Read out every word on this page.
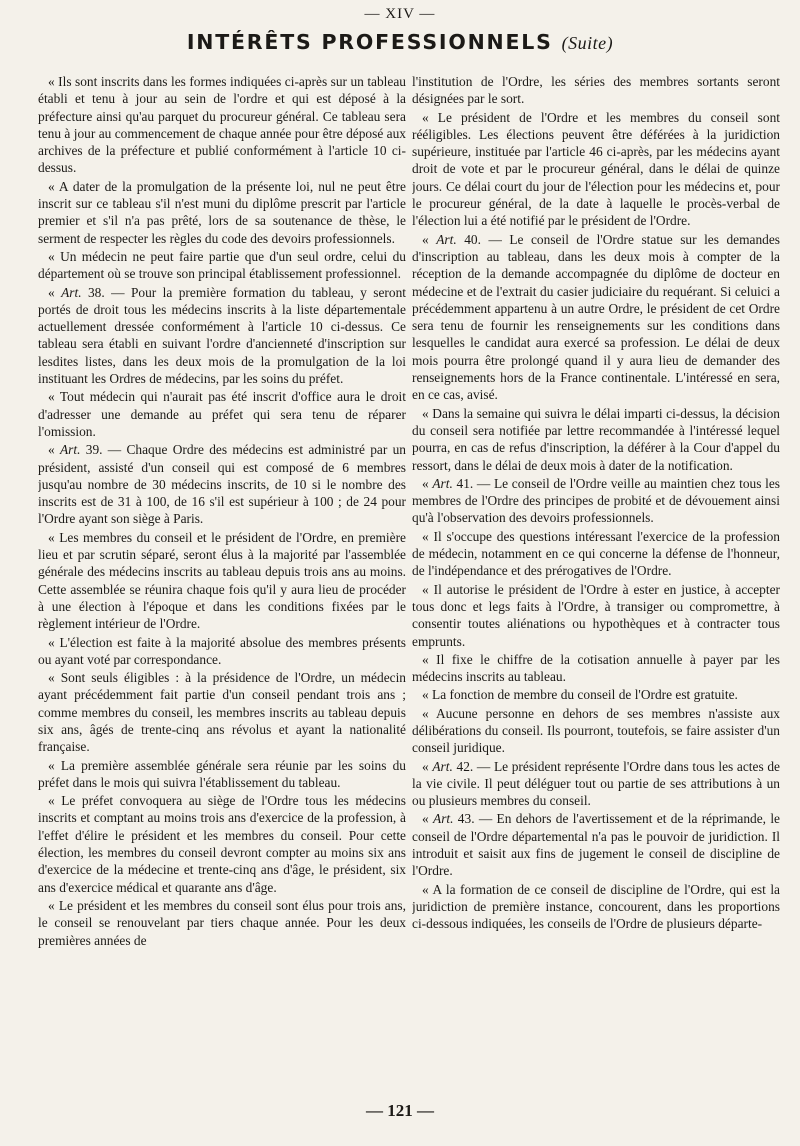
— XIV —
INTÉRÊTS PROFESSIONNELS (Suite)

« Ils sont inscrits dans les formes indiquées ci-après sur un tableau établi et tenu à jour au sein de l'ordre et qui est déposé à la préfecture ainsi qu'au parquet du procureur général. Ce tableau sera tenu à jour au commencement de chaque année pour être déposé aux archives de la préfecture et publié conformément à l'article 10 ci-dessus.

« A dater de la promulgation de la présente loi, nul ne peut être inscrit sur ce tableau s'il n'est muni du diplôme prescrit par l'article premier et s'il n'a pas prêté, lors de sa soutenance de thèse, le serment de respecter les règles du code des devoirs professionnels.

« Un médecin ne peut faire partie que d'un seul ordre, celui du département où se trouve son principal établissement professionnel.

« Art. 38. — Pour la première formation du tableau, y seront portés de droit tous les médecins inscrits à la liste départementale actuellement dressée conformément à l'article 10 ci-dessus. Ce tableau sera établi en suivant l'ordre d'ancienneté d'inscription sur lesdites listes, dans les deux mois de la promulgation de la loi instituant les Ordres de médecins, par les soins du préfet.

« Tout médecin qui n'aurait pas été inscrit d'office aura le droit d'adresser une demande au préfet qui sera tenu de réparer l'omission.

« Art. 39. — Chaque Ordre des médecins est administré par un président, assisté d'un conseil qui est composé de 6 membres jusqu'au nombre de 30 médecins inscrits, de 10 si le nombre des inscrits est de 31 à 100, de 16 s'il est supérieur à 100 ; de 24 pour l'Ordre ayant son siège à Paris.

« Les membres du conseil et le président de l'Ordre, en première lieu et par scrutin séparé, seront élus à la majorité par l'assemblée générale des médecins inscrits au tableau depuis trois ans au moins. Cette assemblée se réunira chaque fois qu'il y aura lieu de procéder à une élection à l'époque et dans les conditions fixées par le règlement intérieur de l'Ordre.

« L'élection est faite à la majorité absolue des membres présents ou ayant voté par correspondance.

« Sont seuls éligibles : à la présidence de l'Ordre, un médecin ayant précédemment fait partie d'un conseil pendant trois ans ; comme membres du conseil, les membres inscrits au tableau depuis six ans, âgés de trente-cinq ans révolus et ayant la nationalité française.

« La première assemblée générale sera réunie par les soins du préfet dans le mois qui suivra l'établissement du tableau.

« Le préfet convoquera au siège de l'Ordre tous les médecins inscrits et comptant au moins trois ans d'exercice de la profession, à l'effet d'élire le président et les membres du conseil. Pour cette élection, les membres du conseil devront compter au moins six ans d'exercice de la médecine et trente-cinq ans d'âge, le président, six ans d'exercice médical et quarante ans d'âge.

« Le président et les membres du conseil sont élus pour trois ans, le conseil se renouvelant par tiers chaque année. Pour les deux premières années de

l'institution de l'Ordre, les séries des membres sortants seront désignées par le sort.

« Le président de l'Ordre et les membres du conseil sont rééligibles. Les élections peuvent être déférées à la juridiction supérieure, instituée par l'article 46 ci-après, par les médecins ayant droit de vote et par le procureur général, dans le délai de quinze jours. Ce délai court du jour de l'élection pour les médecins et, pour le procureur général, de la date à laquelle le procès-verbal de l'élection lui a été notifié par le président de l'Ordre.

« Art. 40. — Le conseil de l'Ordre statue sur les demandes d'inscription au tableau, dans les deux mois à compter de la réception de la demande accompagnée du diplôme de docteur en médecine et de l'extrait du casier judiciaire du requérant. Si celuici a précédemment appartenu à un autre Ordre, le président de cet Ordre sera tenu de fournir les renseignements sur les conditions dans lesquelles le candidat aura exercé sa profession. Le délai de deux mois pourra être prolongé quand il y aura lieu de demander des renseignements hors de la France continentale. L'intéressé en sera, en ce cas, avisé.

« Dans la semaine qui suivra le délai imparti ci-dessus, la décision du conseil sera notifiée par lettre recommandée à l'intéressé lequel pourra, en cas de refus d'inscription, la déférer à la Cour d'appel du ressort, dans le délai de deux mois à dater de la notification.

« Art. 41. — Le conseil de l'Ordre veille au maintien chez tous les membres de l'Ordre des principes de probité et de dévouement ainsi qu'à l'observation des devoirs professionnels.

« Il s'occupe des questions intéressant l'exercice de la profession de médecin, notamment en ce qui concerne la défense de l'honneur, de l'indépendance et des prérogatives de l'Ordre.

« Il autorise le président de l'Ordre à ester en justice, à accepter tous donc et legs faits à l'Ordre, à transiger ou compromettre, à consentir toutes aliénations ou hypothèques et à contracter tous emprunts.

« Il fixe le chiffre de la cotisation annuelle à payer par les médecins inscrits au tableau.

« La fonction de membre du conseil de l'Ordre est gratuite.

« Aucune personne en dehors de ses membres n'assiste aux délibérations du conseil. Ils pourront, toutefois, se faire assister d'un conseil juridique.

« Art. 42. — Le président représente l'Ordre dans tous les actes de la vie civile. Il peut déléguer tout ou partie de ses attributions à un ou plusieurs membres du conseil.

« Art. 43. — En dehors de l'avertissement et de la réprimande, le conseil de l'Ordre départemental n'a pas le pouvoir de juridiction. Il introduit et saisit aux fins de jugement le conseil de discipline de l'Ordre.

« A la formation de ce conseil de discipline de l'Ordre, qui est la juridiction de première instance, concourent, dans les proportions ci-dessous indiquées, les conseils de l'Ordre de plusieurs départe-

— 121 —
